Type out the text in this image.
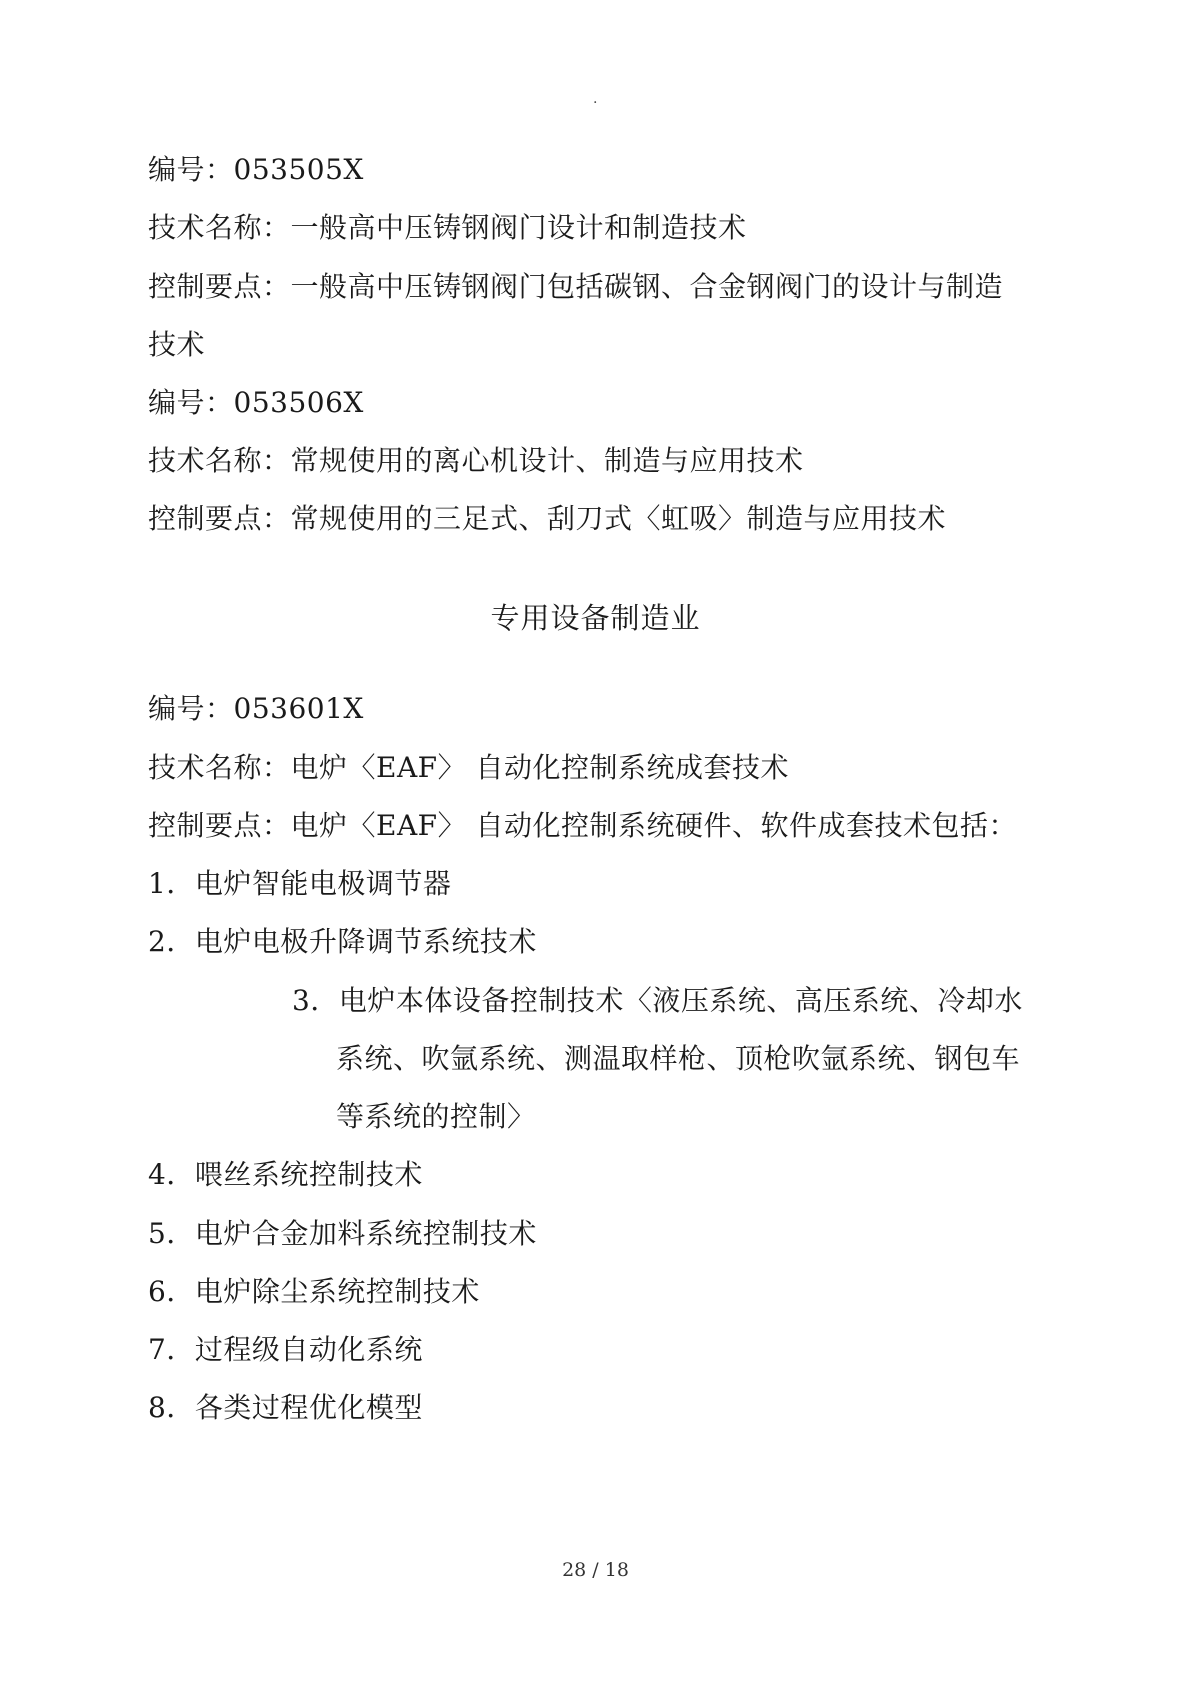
.
编号：053505X
技术名称：一般高中压铸钢阀门设计和制造技术
控制要点：一般高中压铸钢阀门包括碳钢、合金钢阀门的设计与制造
技术
编号：053506X
技术名称：常规使用的离心机设计、制造与应用技术
控制要点：常规使用的三足式、刮刀式〈虹吸〉制造与应用技术
专用设备制造业
编号：053601X
技术名称：电炉〈EAF〉 自动化控制系统成套技术
控制要点：电炉〈EAF〉 自动化控制系统硬件、软件成套技术包括：
1．电炉智能电极调节器
2．电炉电极升降调节系统技术
3．电炉本体设备控制技术〈液压系统、高压系统、冷却水
系统、吹氩系统、测温取样枪、顶枪吹氩系统、钢包车
等系统的控制〉
4．喂丝系统控制技术
5．电炉合金加料系统控制技术
6．电炉除尘系统控制技术
7．过程级自动化系统
8．各类过程优化模型
28 / 18
